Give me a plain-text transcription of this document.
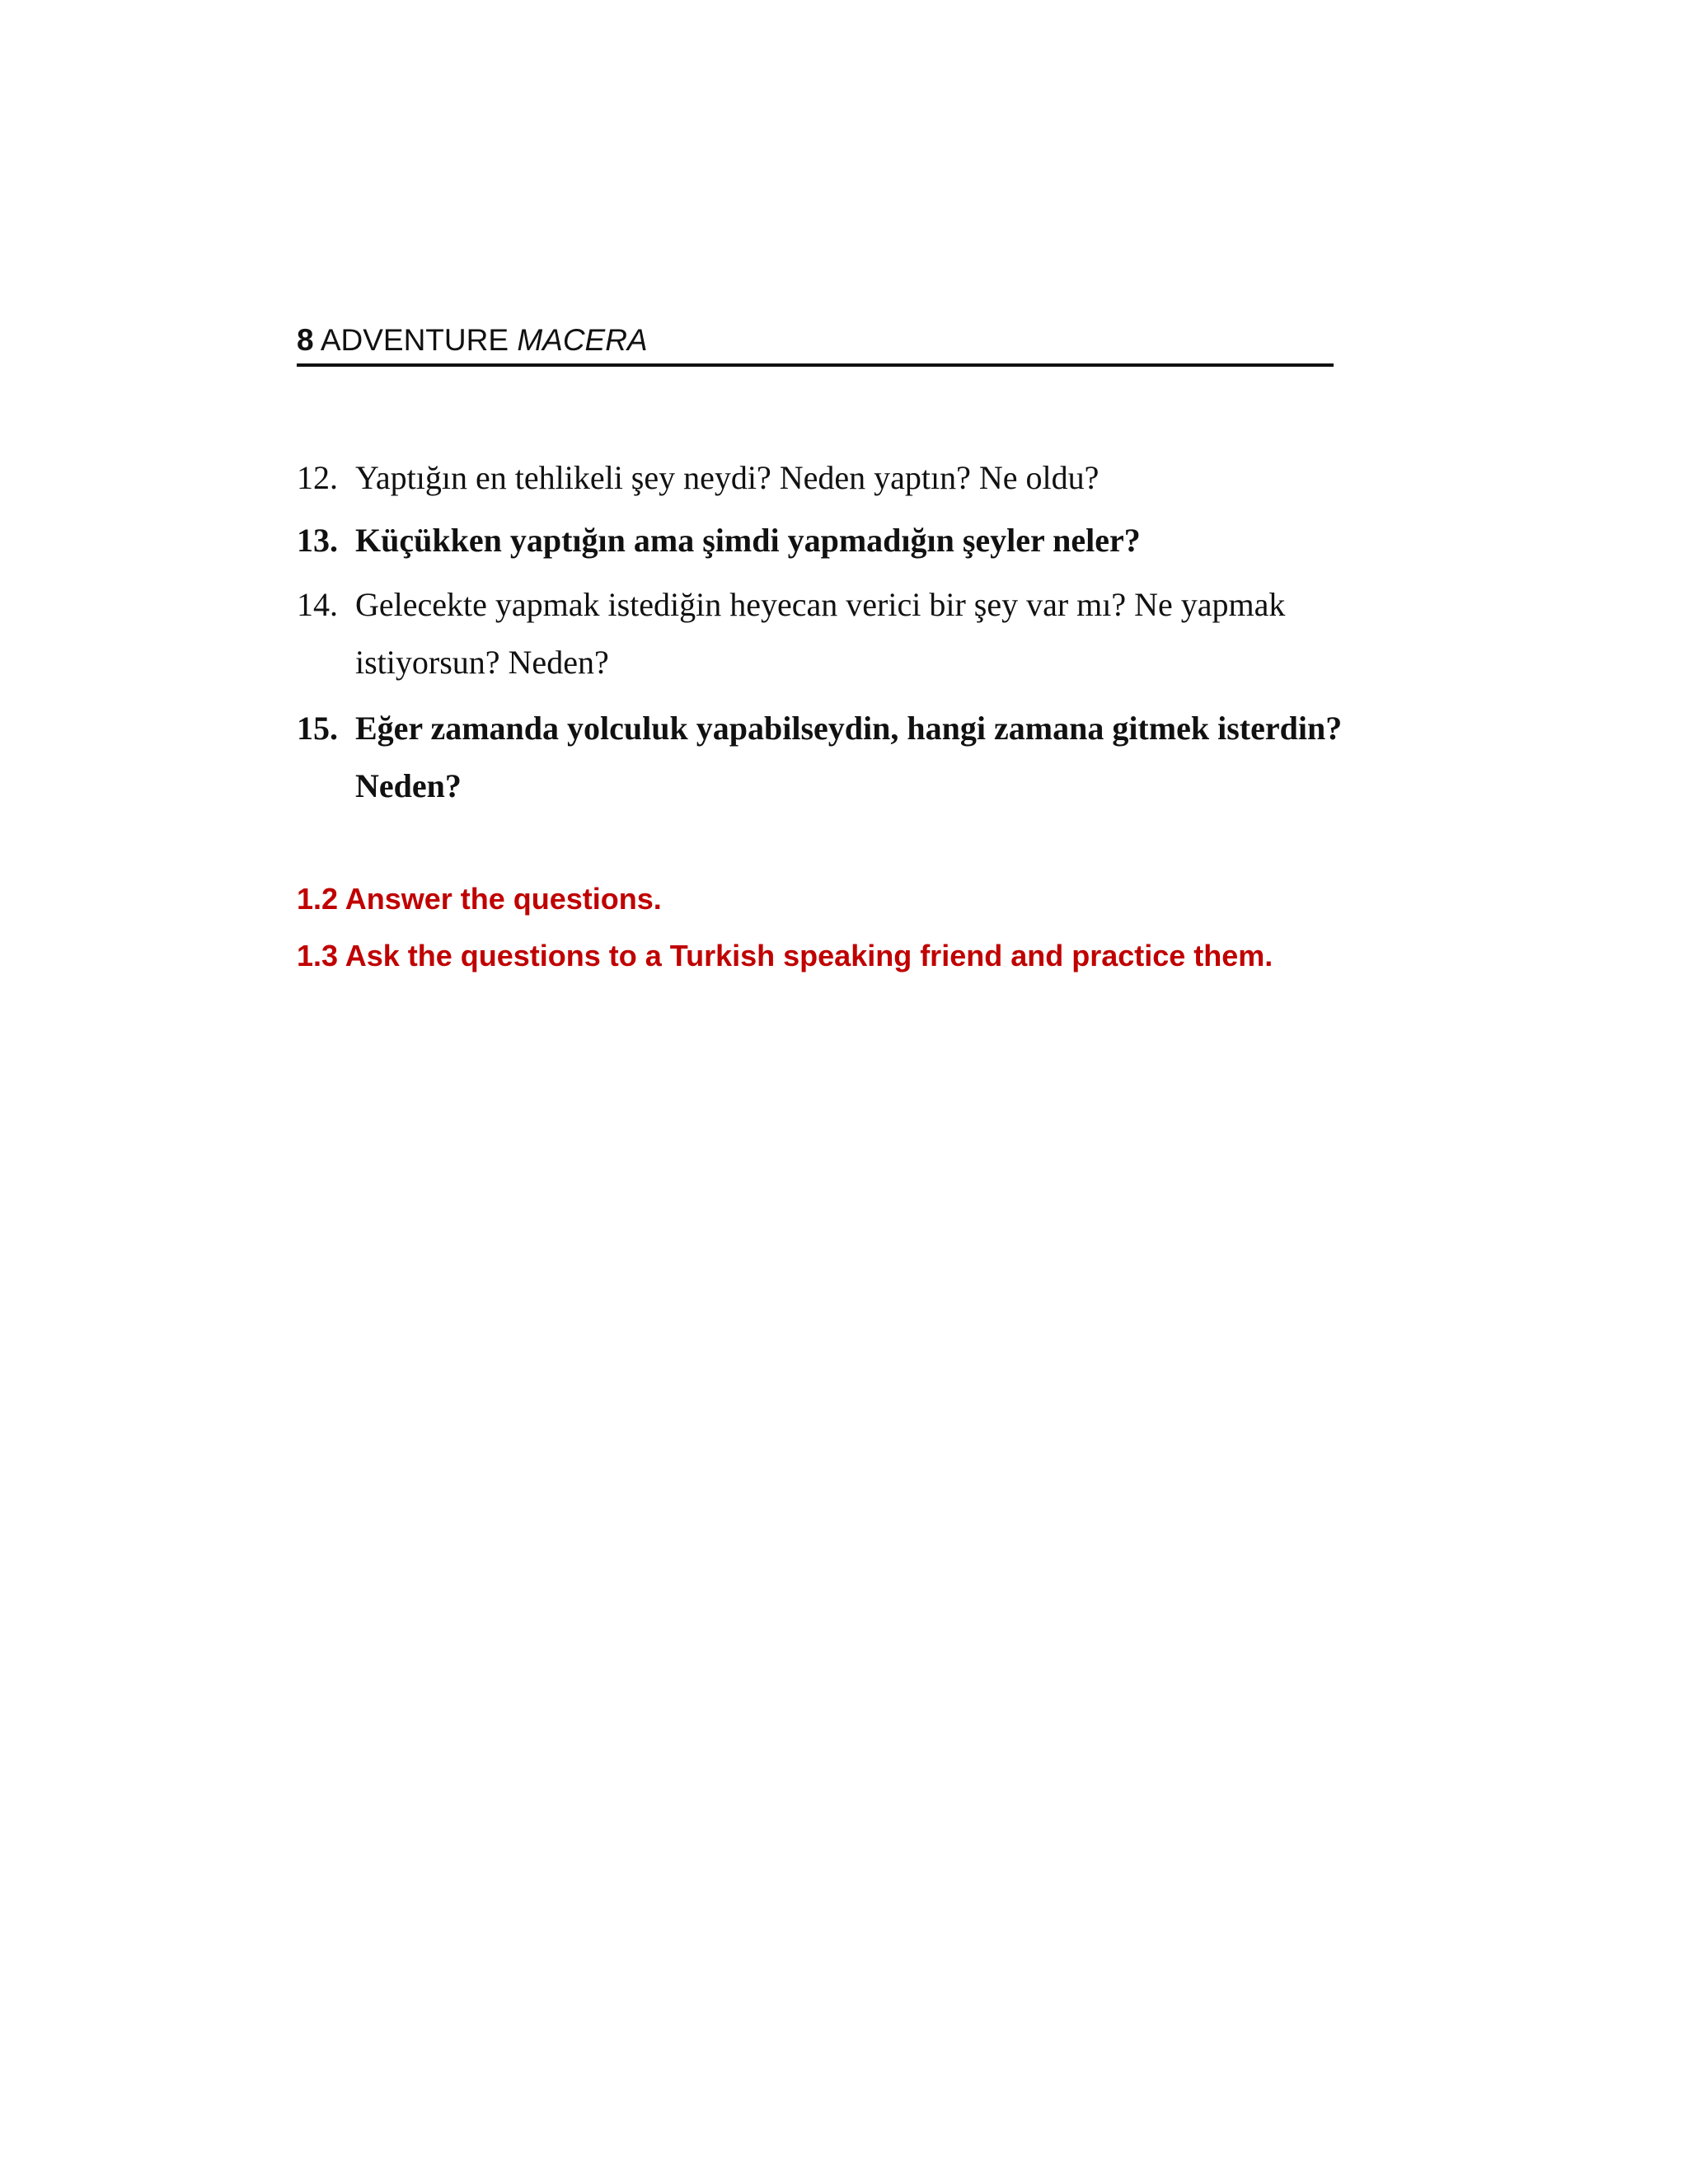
8 ADVENTURE MACERA
12. Yaptığın en tehlikeli şey neydi? Neden yaptın? Ne oldu?
13. Küçükken yaptığın ama şimdi yapmadığın şeyler neler?
14. Gelecekte yapmak istediğin heyecan verici bir şey var mı? Ne yapmak istiyorsun? Neden?
15. Eğer zamanda yolculuk yapabilseydin, hangi zamana gitmek isterdin? Neden?
1.2 Answer the questions.
1.3 Ask the questions to a Turkish speaking friend and practice them.
